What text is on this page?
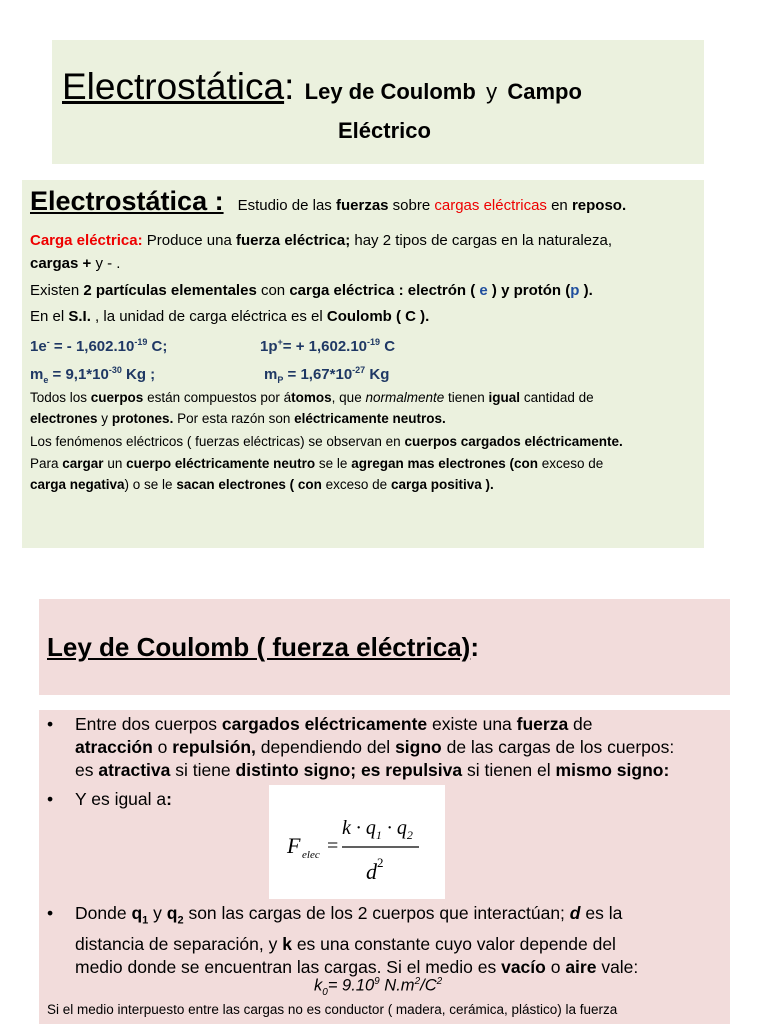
Electrostática: Ley de Coulomb y Campo
Eléctrico
Electrostática : Estudio de las fuerzas sobre cargas eléctricas en reposo.
Carga eléctrica: Produce una fuerza eléctrica; hay 2 tipos de cargas en la naturaleza,
cargas + y - .
Existen 2 partículas elementales con carga eléctrica : electrón ( e ) y protón (p ).
En el S.I. , la unidad de carga eléctrica es el Coulomb ( C ).
1e- = - $1,602.10^{-19}$ C;	$1p^+= + 1,602.10^{-19}$ C
$m_e = 9,1*10^{-30}$ Kg ;	$m_P = 1,67*10^{-27}$ Kg
Todos los cuerpos están compuestos por átomos, que normalmente tienen igual cantidad de
electrones y protones. Por esta razón son eléctricamente neutros.
Los fenómenos eléctricos ( fuerzas eléctricas) se observan en cuerpos cargados eléctricamente.
Para cargar un cuerpo eléctricamente neutro se le agregan mas electrones (con exceso de
carga negativa) o se le sacan electrones ( con exceso de carga positiva ).
Ley de Coulomb ( fuerza eléctrica):
•	Entre dos cuerpos cargados eléctricamente existe una fuerza de
atracción o repulsión, dependiendo del signo de las cargas de los cuerpos:
es atractiva si tiene distinto signo; es repulsiva si tienen el mismo signo:
•	Y es igual a:
F elec =
$k \cdot q_1 \cdot q_2$
$d^2$
•	Donde $q_1$ y $q_2$ son las cargas de los 2 cuerpos que interactúan; d es la
distancia de separación, y k es una constante cuyo valor depende del
medio donde se encuentran las cargas. Si el medio es vacío o aire vale:
$k_0= 9.10^9$ $N.m^2/C^2$
Si el medio interpuesto entre las cargas no es conductor ( madera, cerámica, plástico) la fuerza
